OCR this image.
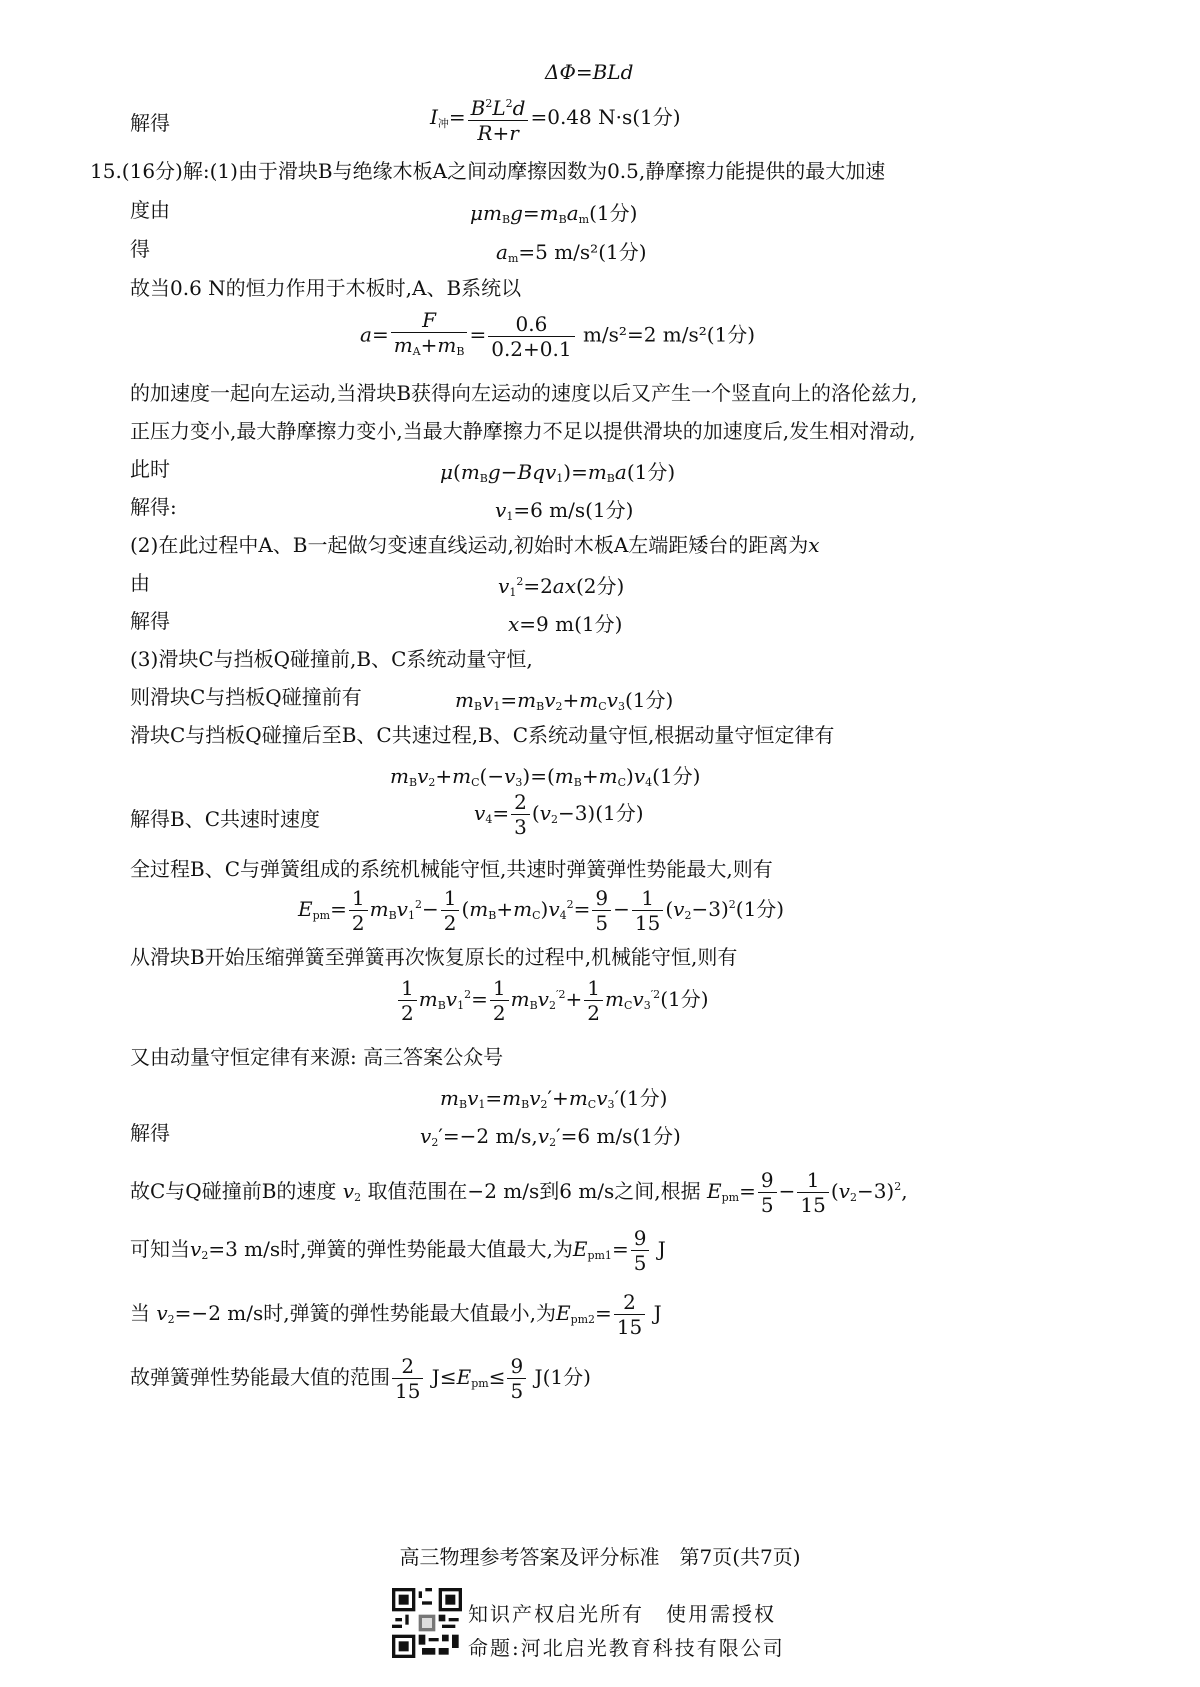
ΔΦ=BLd
解得	$I_冲= \frac{B^2L^2d}{R+r} =0.48$ N·s(1分)
15.(16分)解:(1)由于滑块B与绝缘木板A之间动摩擦因数为0.5,静摩擦力能提供的最大加速
度由	$\mu m_Bg=m_Ba_m(1$分)
得	$a_m=5$ m/s²(1分)
故当0.6 N的恒力作用于木板时,A、B系统以
$a= \frac{F}{m_A+m_B} = \frac{0.6}{0.2+0.1} m/s^2=2$ m/s²(1分)
的加速度一起向左运动,当滑块B获得向左运动的速度以后又产生一个竖直向上的洛伦兹力,
正压力变小,最大静摩擦力变小,当最大静摩擦力不足以提供滑块的加速度后,发生相对滑动,
此时	$\mu(m_Bg-Bqv_1)=m_Ba(1$分)
解得:	$v_1=6$ m/s(1分)
(2)在此过程中A、B一起做匀变速直线运动,初始时木板A左端距矮台的距离为x
由	$v_1^2=2ax(2$分)
解得	x=9 m(1分)
(3)滑块C与挡板Q碰撞前,B、C系统动量守恒,
则滑块C与挡板Q碰撞前有	$m_Bv_1=m_Bv_2+m_Cv_3(1$分)
滑块C与挡板Q碰撞后至B、C共速过程,B、C系统动量守恒,根据动量守恒定律有
$m_Bv_2+m_C(-v_3)=(m_B+m_C)v_4(1$分)
解得B、C共速时速度	$v_4= \frac{2}{3} (v_2-3)(1$分)
全过程B、C与弹簧组成的系统机械能守恒,共速时弹簧弹性势能最大,则有
$E_{pm}= \frac{1}{2} m_Bv_1^2- \frac{1}{2} (m_B+m_C)v_4^2= \frac{9}{5} - \frac{1}{15} (v_2-3)^2(1$分)
从滑块B开始压缩弹簧至弹簧再次恢复原长的过程中,机械能守恒,则有
$\frac{1}{2} m_Bv_1^2= \frac{1}{2} m_Bv_2^{'2}+ \frac{1}{2} m_Cv_3^{'2}(1$分)
又由动量守恒定律有来源: 高三答案公众号
$m_Bv_1=m_Bv_2'+m_Cv_3'(1$分)
解得	$v_2'=-2$ $m/s,v_2'=6$ m/s(1分)
故C与Q碰撞前B的速度 $v_2$ 取值范围在−2 m/s到6 m/s之间,根据 $E_{pm}= \frac{9}{5} - \frac{1}{15} (v_2-3)^2$,
可知当$v_2=3$ m/s时,弹簧的弹性势能最大值最大,为$E_{pm1}= \frac{9}{5}$ J
当 $v_2=-2$ m/s时,弹簧的弹性势能最大值最小,为$E_{pm2}= \frac{2}{15}$ J
故弹簧弹性势能最大值的范围 $\frac{2}{15} J\le E_{pm}\le \frac{9}{5} J(1$分)
高三物理参考答案及评分标准　第7页(共7页)
知识产权启光所有　使用需授权
命题:河北启光教育科技有限公司
